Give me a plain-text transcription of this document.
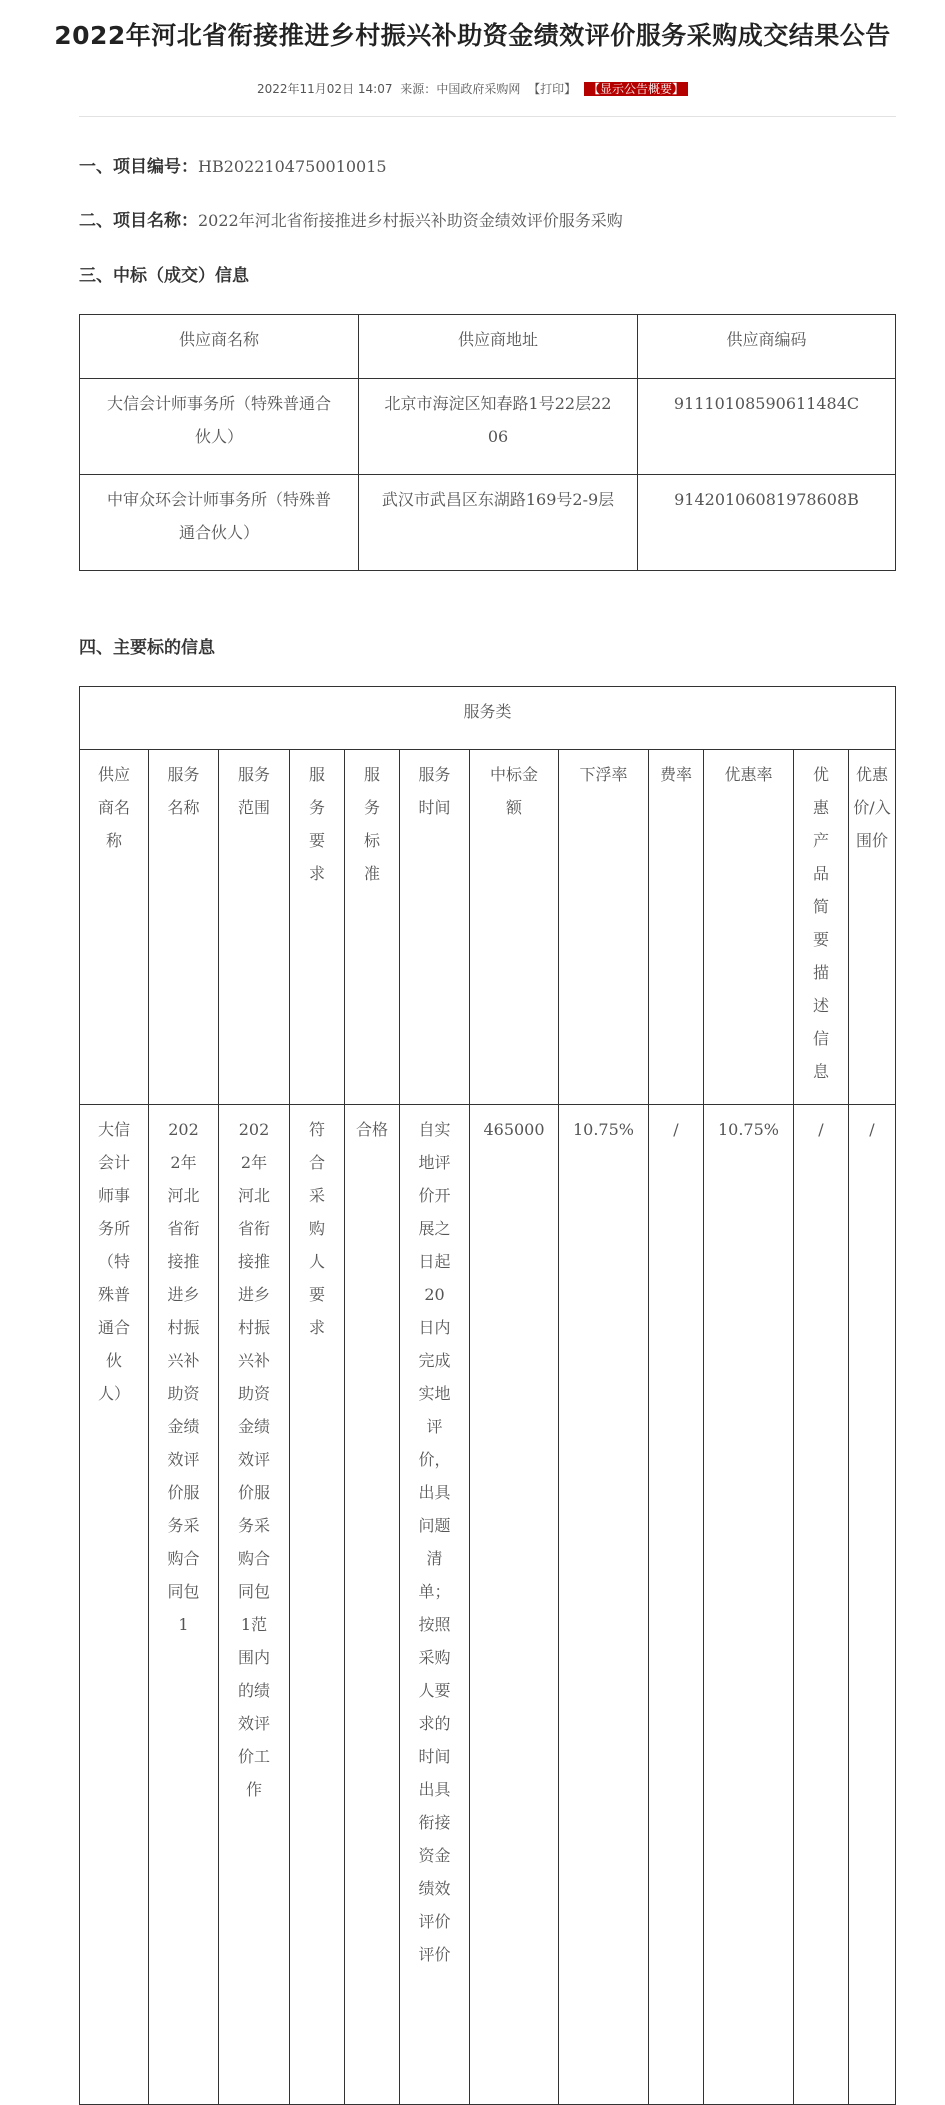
2022年河北省衔接推进乡村振兴补助资金绩效评价服务采购成交结果公告
2022年11月02日 14:07 来源：中国政府采购网 【打印】 【显示公告概要】
一、项目编号：HB2022104750010015
二、项目名称：2022年河北省衔接推进乡村振兴补助资金绩效评价服务采购
三、中标（成交）信息
供应商名称	供应商地址	供应商编码

大信会计师事务所（特殊普通合伙人）	北京市海淀区知春路1号22层2206	91110108590611484C

中审众环会计师事务所（特殊普通合伙人）	武汉市武昌区东湖路169号2-9层	91420106081978608B
四、主要标的信息
服务类											

供应商名称	服务名称	服务范围	服务要求	服务标准	服务时间	中标金额	下浮率	费率	优惠率	优惠产品简要描述信息	优惠价/入围价

大信会计师事务所（特殊普通合伙人）	2022年河北省衔接推进乡村振兴补助资金绩效评价服务采购合同包1	2022年河北省衔接推进乡村振兴补助资金绩效评价服务采购合同包1范围内的绩效评价工作	符合采购人要求	合格	自实地评价开展之日起20日内完成实地评价，出具问题清单；按照采购人要求的时间出具衔接资金绩效评价评价	465000	10.75%	/	10.75%	/	/
